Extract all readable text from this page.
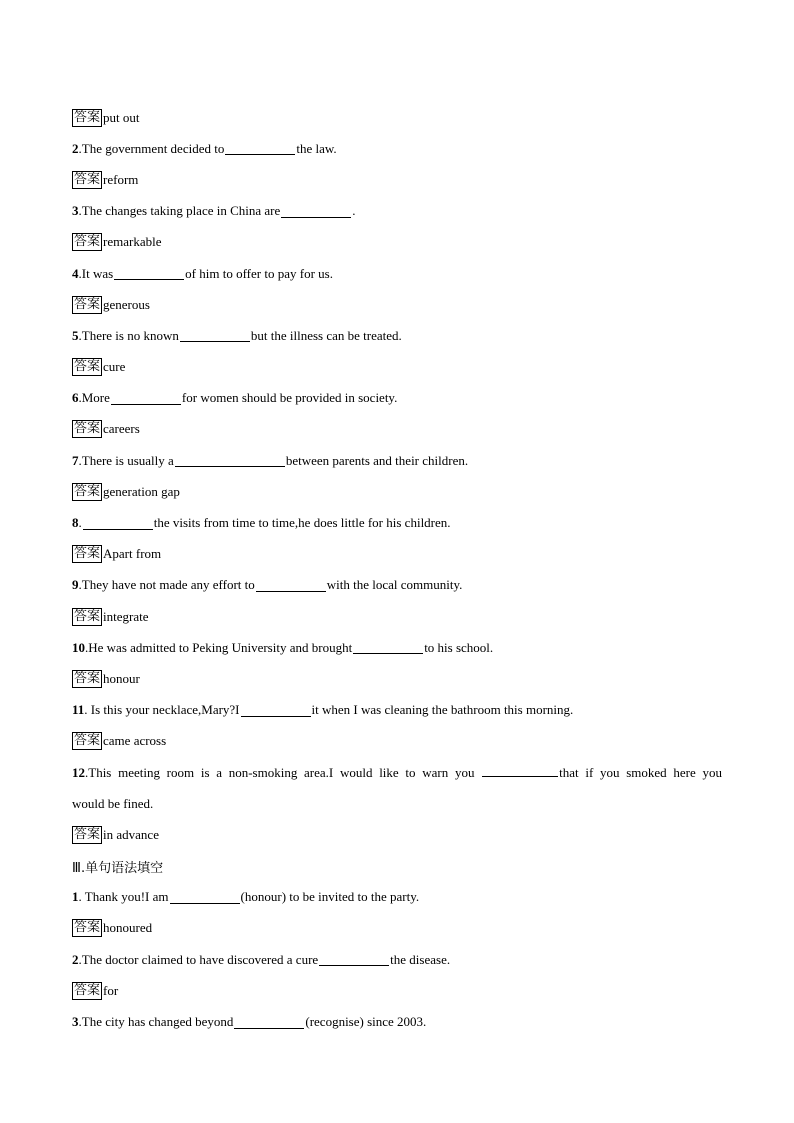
答案 put out
2 .The government decided to	the law.
答案 reform
3 .The changes taking place in China are	.
答案 remarkable
4 .It was	of him to offer to pay for us.
答案 generous
5 .There is no known	but the illness can be treated.
答案 cure
6 .More	for women should be provided in society.
答案 careers
7 .There is usually a	between parents and their children.
答案 generation gap
8 .	the visits from time to time,he does little for his children.
答案 Apart from
9 .They have not made any effort to	with the local community.
答案 integrate
10 .He was admitted to Peking University and brought	to his school.
答案 honour
11 . Is this your necklace,Mary?I	it when I was cleaning the bathroom this morning.
答案 came across
12.This meeting room is a non-smoking area.I would like to warn you	that if you smoked here you
would be fined.
答案 in advance
Ⅲ.单句语法填空
1 . Thank you!I am	(honour) to be invited to the party.
答案 honoured
2 .The doctor claimed to have discovered a cure	the disease.
答案 for
3 .The city has changed beyond	(recognise) since 2003.
